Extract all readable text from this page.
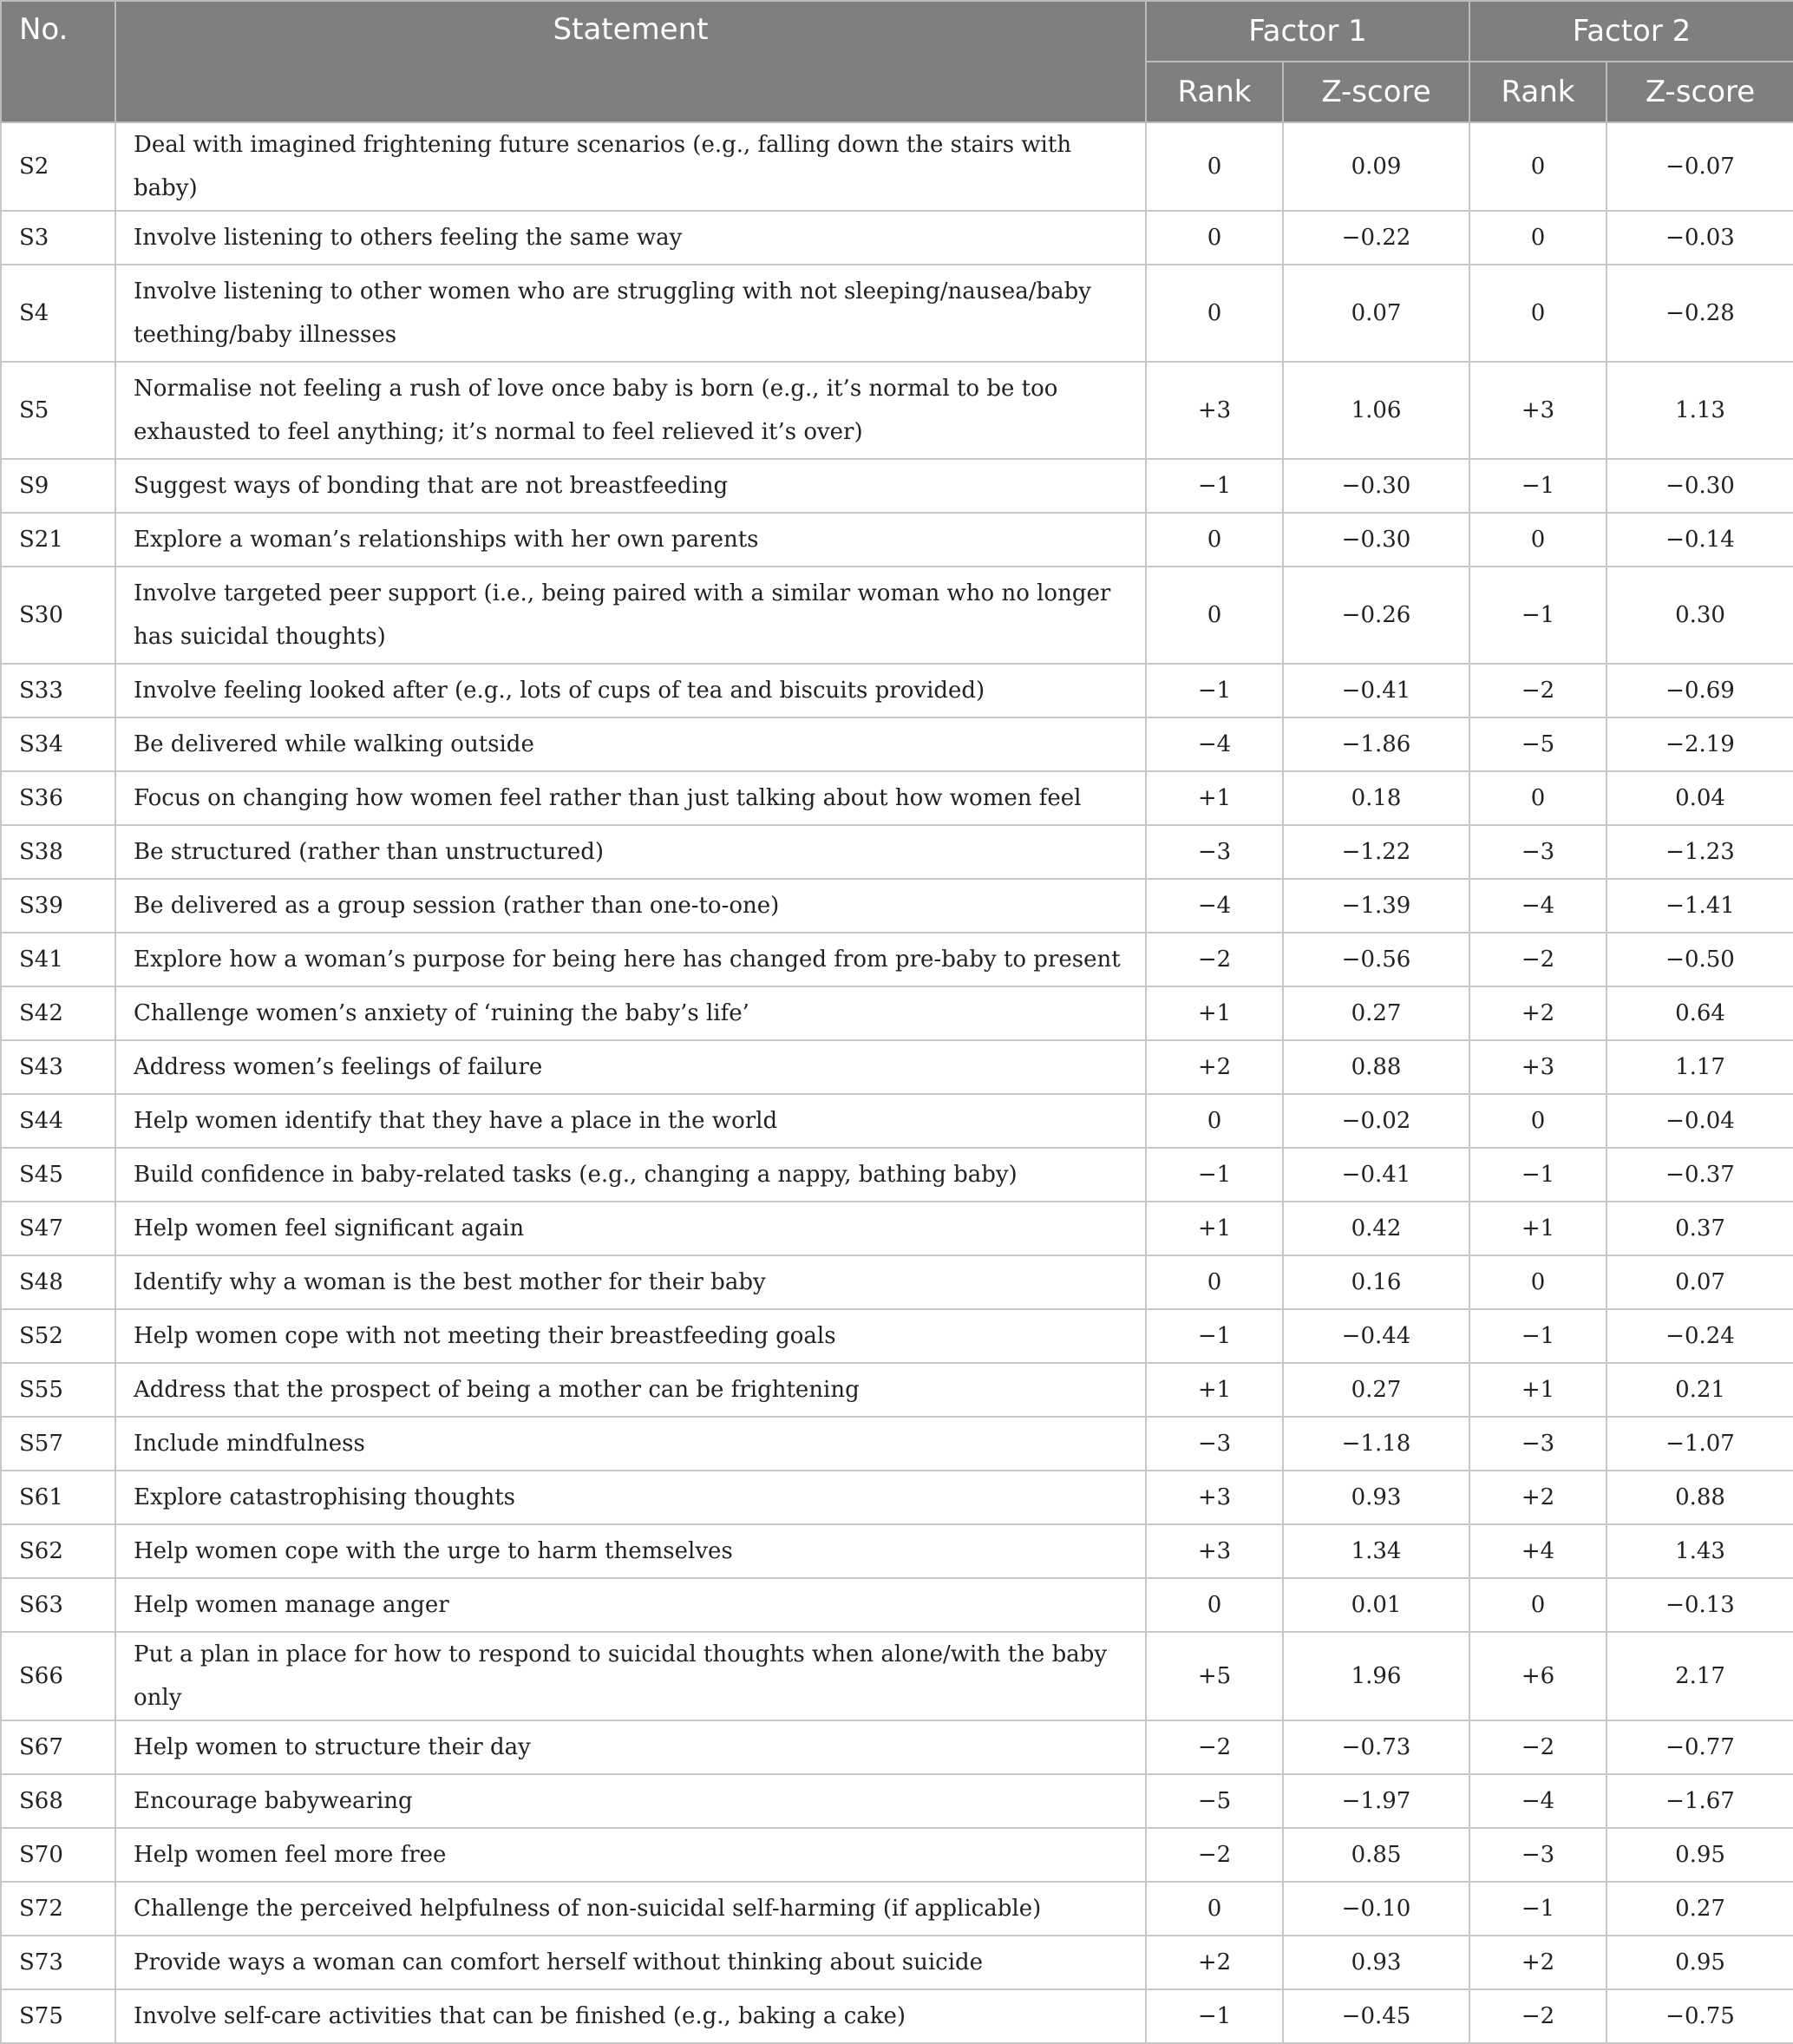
No.	Statement	Factor 1		Factor 2	
		Rank	Z-score	Rank	Z-score
S2	Deal with imagined frightening future scenarios (e.g., falling down the stairs with baby)	0	0.09	0	−0.07
S3	Involve listening to others feeling the same way	0	−0.22	0	−0.03
S4	Involve listening to other women who are struggling with not sleeping/nausea/baby teething/baby illnesses	0	0.07	0	−0.28
S5	Normalise not feeling a rush of love once baby is born (e.g., it’s normal to be too exhausted to feel anything; it’s normal to feel relieved it’s over)	+3	1.06	+3	1.13
S9	Suggest ways of bonding that are not breastfeeding	−1	−0.30	−1	−0.30
S21	Explore a woman’s relationships with her own parents	0	−0.30	0	−0.14
S30	Involve targeted peer support (i.e., being paired with a similar woman who no longer has suicidal thoughts)	0	−0.26	−1	0.30
S33	Involve feeling looked after (e.g., lots of cups of tea and biscuits provided)	−1	−0.41	−2	−0.69
S34	Be delivered while walking outside	−4	−1.86	−5	−2.19
S36	Focus on changing how women feel rather than just talking about how women feel	+1	0.18	0	0.04
S38	Be structured (rather than unstructured)	−3	−1.22	−3	−1.23
S39	Be delivered as a group session (rather than one-to-one)	−4	−1.39	−4	−1.41
S41	Explore how a woman’s purpose for being here has changed from pre-baby to present	−2	−0.56	−2	−0.50
S42	Challenge women’s anxiety of ‘ruining the baby’s life’	+1	0.27	+2	0.64
S43	Address women’s feelings of failure	+2	0.88	+3	1.17
S44	Help women identify that they have a place in the world	0	−0.02	0	−0.04
S45	Build confidence in baby-related tasks (e.g., changing a nappy, bathing baby)	−1	−0.41	−1	−0.37
S47	Help women feel significant again	+1	0.42	+1	0.37
S48	Identify why a woman is the best mother for their baby	0	0.16	0	0.07
S52	Help women cope with not meeting their breastfeeding goals	−1	−0.44	−1	−0.24
S55	Address that the prospect of being a mother can be frightening	+1	0.27	+1	0.21
S57	Include mindfulness	−3	−1.18	−3	−1.07
S61	Explore catastrophising thoughts	+3	0.93	+2	0.88
S62	Help women cope with the urge to harm themselves	+3	1.34	+4	1.43
S63	Help women manage anger	0	0.01	0	−0.13
S66	Put a plan in place for how to respond to suicidal thoughts when alone/with the baby only	+5	1.96	+6	2.17
S67	Help women to structure their day	−2	−0.73	−2	−0.77
S68	Encourage babywearing	−5	−1.97	−4	−1.67
S70	Help women feel more free	−2	0.85	−3	0.95
S72	Challenge the perceived helpfulness of non-suicidal self-harming (if applicable)	0	−0.10	−1	0.27
S73	Provide ways a woman can comfort herself without thinking about suicide	+2	0.93	+2	0.95
S75	Involve self-care activities that can be finished (e.g., baking a cake)	−1	−0.45	−2	−0.75
